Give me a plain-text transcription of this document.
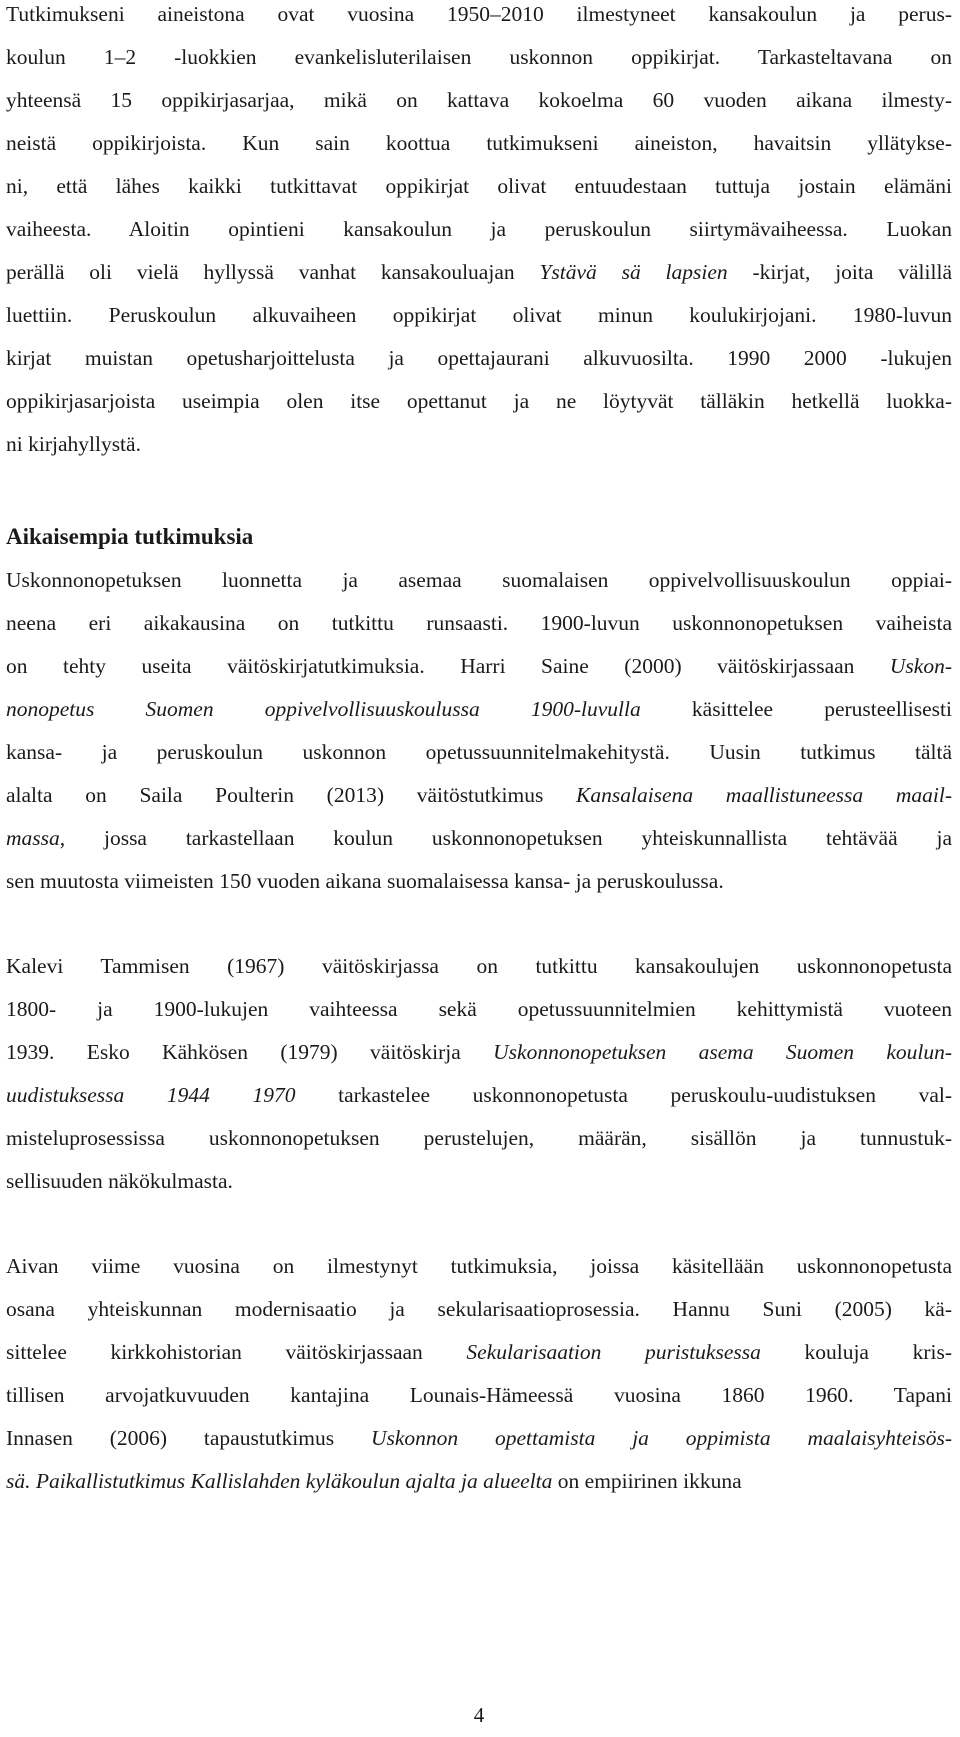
Tutkimukseni aineistona ovat vuosina 1950–2010 ilmestyneet kansakoulun ja perus-
koulun 1–2 -luokkien evankelisluterilaisen uskonnon oppikirjat. Tarkasteltavana on
yhteensä 15 oppikirjasarjaa, mikä on kattava kokoelma 60 vuoden aikana ilmesty-
neistä oppikirjoista. Kun sain koottua tutkimukseni aineiston, havaitsin yllätykse-
ni, että lähes kaikki tutkittavat oppikirjat olivat entuudestaan tuttuja jostain elämäni
vaiheesta. Aloitin opintieni kansakoulun ja peruskoulun siirtymävaiheessa. Luokan
perällä oli vielä hyllyssä vanhat kansakouluajan Ystävä sä lapsien -kirjat, joita välillä
luettiin. Peruskoulun alkuvaiheen oppikirjat olivat minun koulukirjojani. 1980-luvun
kirjat muistan opetusharjoittelusta ja opettajaurani alkuvuosilta. 1990 2000 -lukujen
oppikirjasarjoista useimpia olen itse opettanut ja ne löytyvät tälläkin hetkellä luokka-
ni kirjahyllystä.
Aikaisempia tutkimuksia
Uskonnonopetuksen luonnetta ja asemaa suomalaisen oppivelvollisuuskoulun oppiai-
neena eri aikakausina on tutkittu runsaasti. 1900-luvun uskonnonopetuksen vaiheista
on tehty useita väitöskirjatutkimuksia. Harri Saine (2000) väitöskirjassaan Uskon-
nonopetus Suomen oppivelvollisuuskoulussa 1900-luvulla käsittelee perusteellisesti
kansa- ja peruskoulun uskonnon opetussuunnitelmakehitystä. Uusin tutkimus tältä
alalta on Saila Poulterin (2013) väitöstutkimus Kansalaisena maallistuneessa maail-
massa, jossa tarkastellaan koulun uskonnonopetuksen yhteiskunnallista tehtävää ja
sen muutosta viimeisten 150 vuoden aikana suomalaisessa kansa- ja peruskoulussa.
Kalevi Tammisen (1967) väitöskirjassa on tutkittu kansakoulujen uskonnonopetusta
1800- ja 1900-lukujen vaihteessa sekä opetussuunnitelmien kehittymistä vuoteen
1939. Esko Kähkösen (1979) väitöskirja Uskonnonopetuksen asema Suomen koulun-
uudistuksessa 1944 1970 tarkastelee uskonnonopetusta peruskoulu-uudistuksen val-
misteluprosessissa uskonnonopetuksen perustelujen, määrän, sisällön ja tunnustuk-
sellisuuden näkökulmasta.
Aivan viime vuosina on ilmestynyt tutkimuksia, joissa käsitellään uskonnonopetusta
osana yhteiskunnan modernisaatio ja sekularisaatioprosessia. Hannu Suni (2005) kä-
sittelee kirkkohistorian väitöskirjassaan Sekularisaation puristuksessa kouluja kris-
tillisen arvojatkuvuuden kantajina Lounais-Hämeessä vuosina 1860 1960. Tapani
Innasen (2006) tapaustutkimus Uskonnon opettamista ja oppimista maalaisyhteisös-
sä. Paikallistutkimus Kallislahden kyläkoulun ajalta ja alueelta on empiirinen ikkuna
4
